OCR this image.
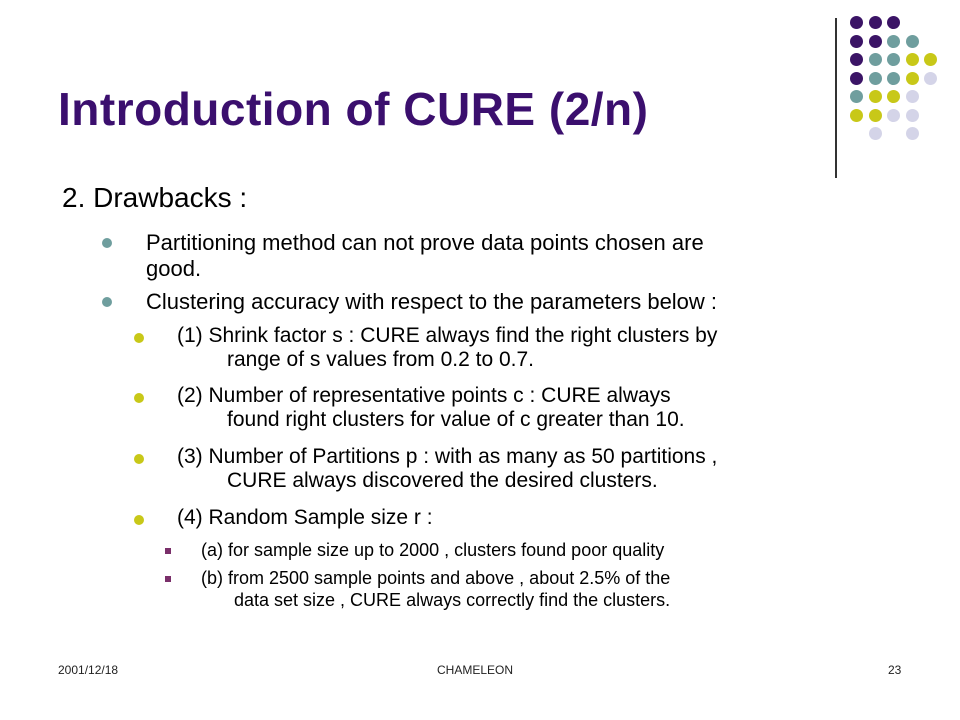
Introduction of CURE (2/n)
2. Drawbacks :
Partitioning method can not prove data points chosen are
good.
Clustering accuracy with respect to the parameters below :
(1) Shrink factor s : CURE always find the right clusters by
range of s values from 0.2 to 0.7.
(2) Number of representative points c : CURE always
found right clusters for value of c greater than 10.
(3) Number of Partitions p : with as many as 50 partitions ,
CURE always discovered the desired clusters.
(4) Random Sample size r :
(a) for sample size up to 2000 , clusters found poor quality
(b) from 2500 sample points and above , about 2.5% of the
data set size , CURE always correctly find the clusters.
2001/12/18	CHAMELEON	23
